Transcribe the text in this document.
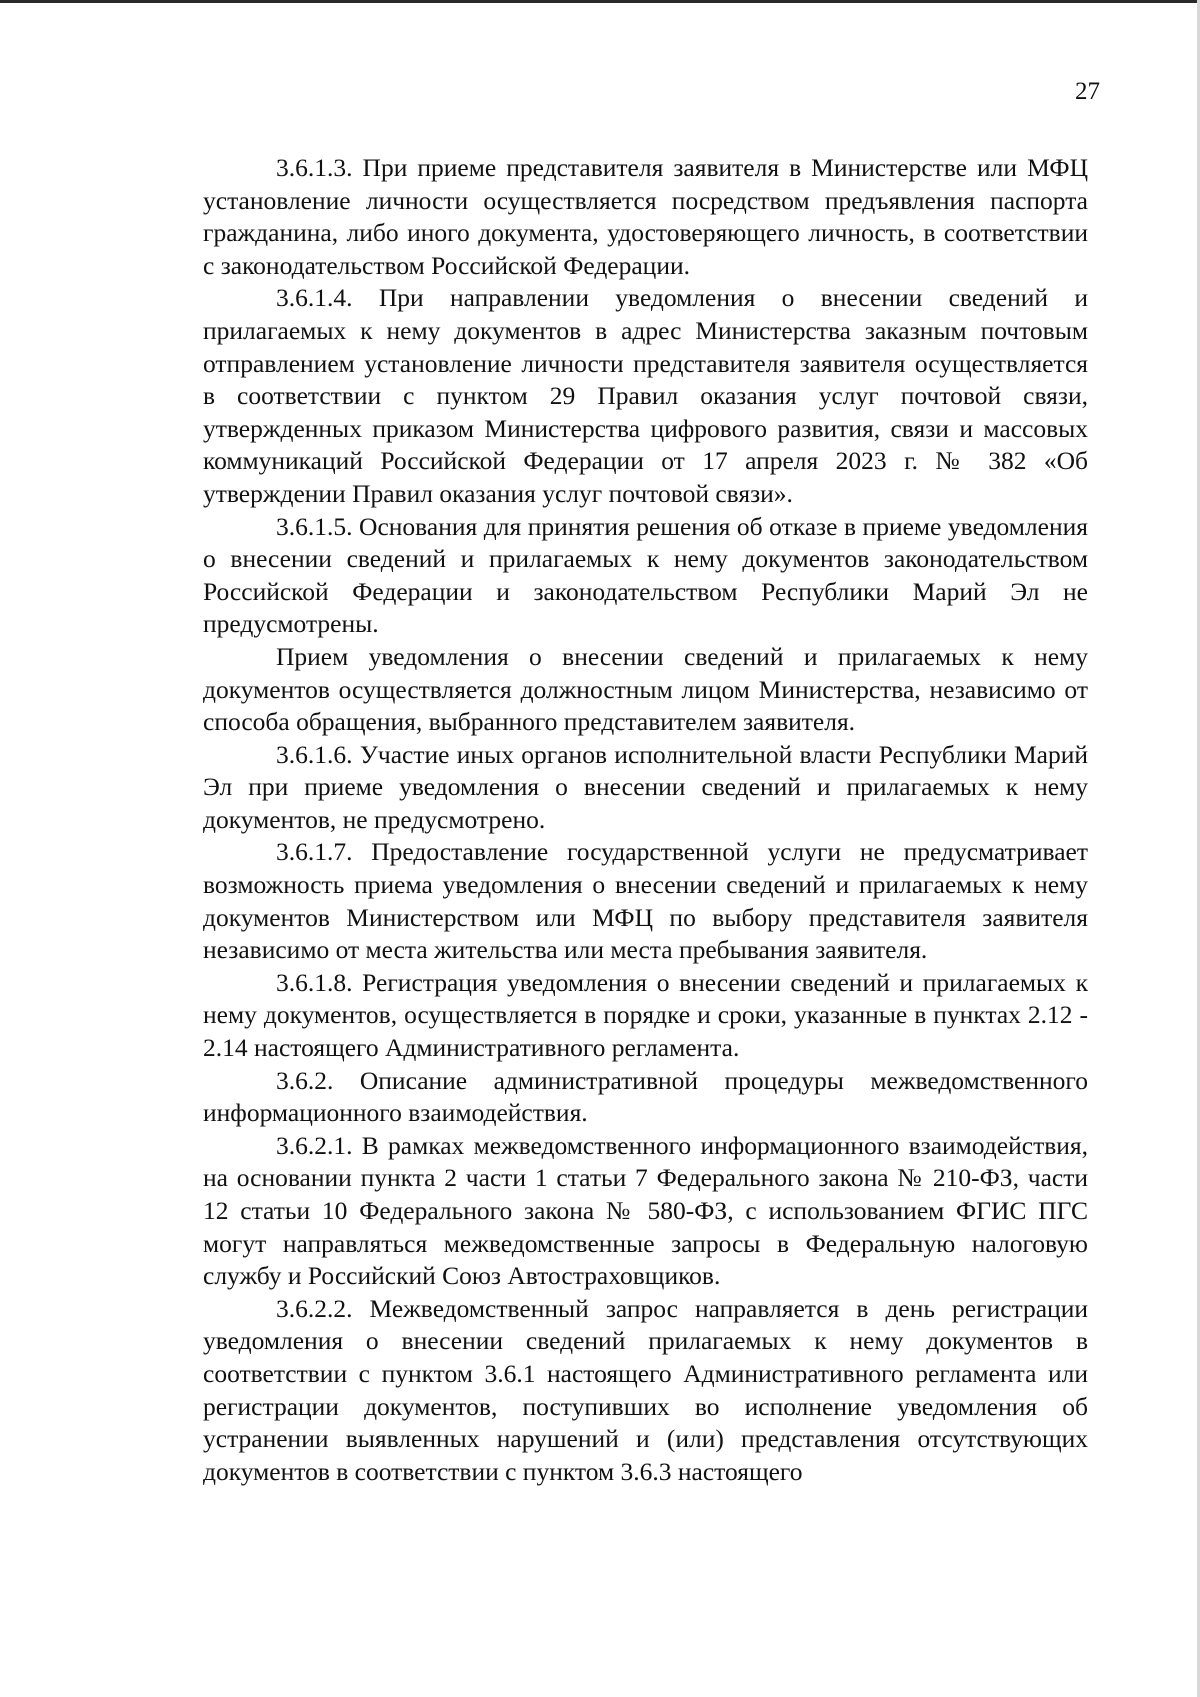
27

3.6.1.3. При приеме представителя заявителя в Министерстве или МФЦ установление личности осуществляется посредством предъявления паспорта гражданина, либо иного документа, удостоверяющего личность, в соответствии с законодательством Российской Федерации.

3.6.1.4. При направлении уведомления о внесении сведений и прилагаемых к нему документов в адрес Министерства заказным почтовым отправлением установление личности представителя заявителя осуществляется в соответствии с пунктом 29 Правил оказания услуг почтовой связи, утвержденных приказом Министерства цифрового развития, связи и массовых коммуникаций Российской Федерации от 17 апреля 2023 г. № 382 «Об утверждении Правил оказания услуг почтовой связи».

3.6.1.5. Основания для принятия решения об отказе в приеме уведомления о внесении сведений и прилагаемых к нему документов законодательством Российской Федерации и законодательством Республики Марий Эл не предусмотрены.

Прием уведомления о внесении сведений и прилагаемых к нему документов осуществляется должностным лицом Министерства, независимо от способа обращения, выбранного представителем заявителя.

3.6.1.6. Участие иных органов исполнительной власти Республики Марий Эл при приеме уведомления о внесении сведений и прилагаемых к нему документов, не предусмотрено.

3.6.1.7. Предоставление государственной услуги не предусматривает возможность приема уведомления о внесении сведений и прилагаемых к нему документов Министерством или МФЦ по выбору представителя заявителя независимо от места жительства или места пребывания заявителя.

3.6.1.8. Регистрация уведомления о внесении сведений и прилагаемых к нему документов, осуществляется в порядке и сроки, указанные в пунктах 2.12 - 2.14 настоящего Административного регламента.

3.6.2. Описание административной процедуры межведомственного информационного взаимодействия.

3.6.2.1. В рамках межведомственного информационного взаимодействия, на основании пункта 2 части 1 статьи 7 Федерального закона № 210-ФЗ, части 12 статьи 10 Федерального закона № 580-ФЗ, с использованием ФГИС ПГС могут направляться межведомственные запросы в Федеральную налоговую службу и Российский Союз Автостраховщиков.

3.6.2.2. Межведомственный запрос направляется в день регистрации уведомления о внесении сведений прилагаемых к нему документов в соответствии с пунктом 3.6.1 настоящего Административного регламента или регистрации документов, поступивших во исполнение уведомления об устранении выявленных нарушений и (или) представления отсутствующих документов в соответствии с пунктом 3.6.3 настоящего
